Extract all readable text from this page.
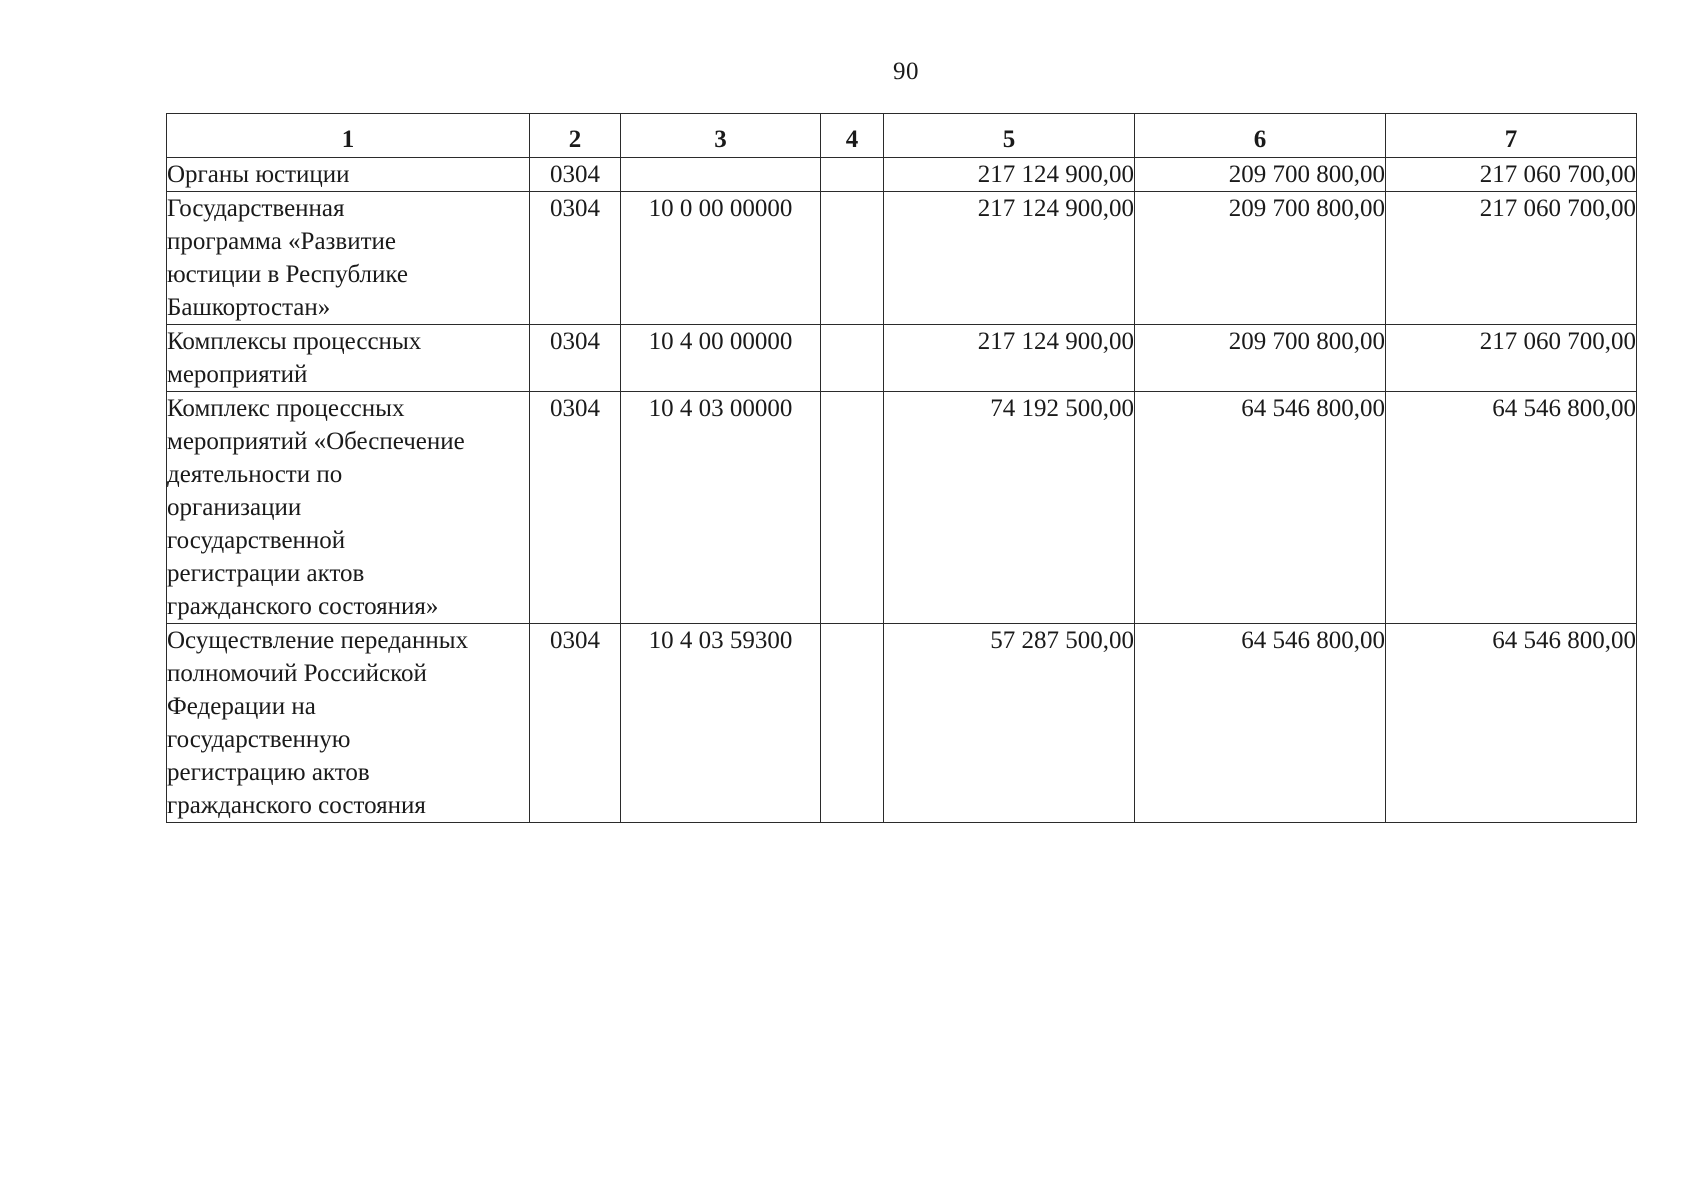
90
1	2	3	4	5	6	7
Органы юстиции	0304			217 124 900,00	209 700 800,00	217 060 700,00

Государственная программа «Развитие юстиции в Республике Башкортостан»	0304	10 0 00 00000		217 124 900,00	209 700 800,00	217 060 700,00

Комплексы процессных мероприятий	0304	10 4 00 00000		217 124 900,00	209 700 800,00	217 060 700,00

Комплекс процессных мероприятий «Обеспечение деятельности по организации государственной регистрации актов гражданского состояния»	0304	10 4 03 00000		74 192 500,00	64 546 800,00	64 546 800,00

Осуществление переданных полномочий Российской Федерации на государственную регистрацию актов гражданского состояния	0304	10 4 03 59300		57 287 500,00	64 546 800,00	64 546 800,00
